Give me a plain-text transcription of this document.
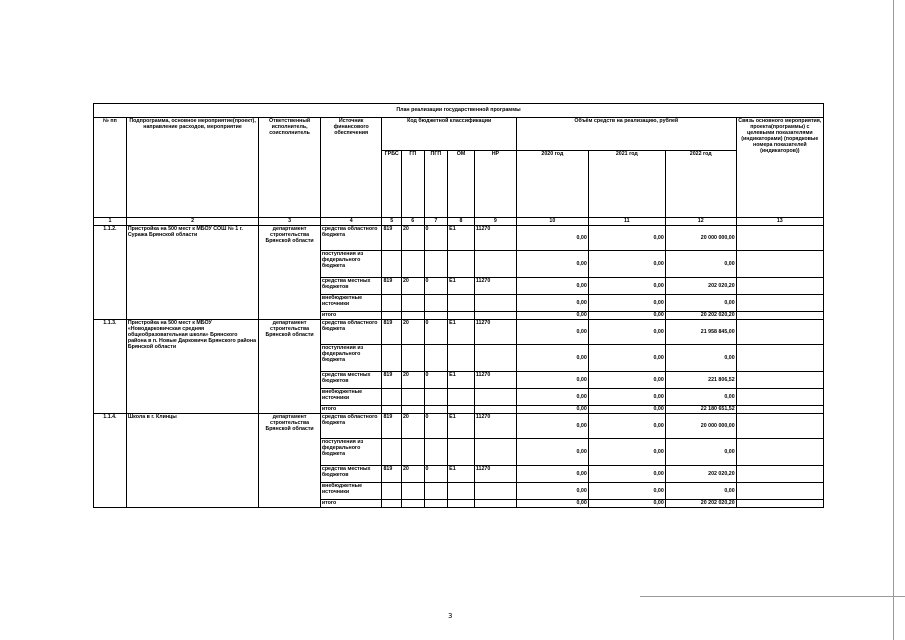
План реализации государственной программы												
№ пп	Подпрограмма, основное мероприятие(проект), направление расходов, мероприятие	Ответственный исполнитель, соисполнитель	Источник финансового обеспечения	Код бюджетной классификации					Объём средств на реализацию, рублей			Связь основного мероприятия, проекта(программы) с целевыми показателями (индикаторами) (порядковые номера показателей (индикаторов))
				ГРБС	ГП	ПГП	ОМ	НР	2020 год	2021 год	2022 год	
1	2	3	4	5	6	7	8	9	10	11	12	13
1.1.2.	Пристройка на 500 мест к МБОУ СОШ № 1 г. Суража Брянской области	департамент строительства Брянской области	средства областного бюджета	819	20	0	E1	11270	0,00	0,00	20 000 000,00	
			поступления из федерального бюджета						0,00	0,00	0,00	
			средства местных бюджетов	819	20	0	E1	11270	0,00	0,00	202 020,20	
			внебюджетные источники						0,00	0,00	0,00	
			итого						0,00	0,00	20 202 020,20	
1.1.3.	Пристройка на 500 мест к МБОУ «Новодарковичская средняя общеобразовательная школа» Брянского района в п. Новые Дарковичи Брянского района Брянской области	департамент строительства Брянской области	средства областного бюджета	819	20	0	E1	11270	0,00	0,00	21 958 845,00	
			поступления из федерального бюджета						0,00	0,00	0,00	
			средства местных бюджетов	819	20	0	E1	11270	0,00	0,00	221 806,52	
			внебюджетные источники						0,00	0,00	0,00	
			итого						0,00	0,00	22 180 651,52	
1.1.4.	Школа в г. Клинцы	департамент строительства Брянской области	средства областного бюджета	819	20	0	E1	11270	0,00	0,00	20 000 000,00	
			поступления из федерального бюджета						0,00	0,00	0,00	
			средства местных бюджетов	819	20	0	E1	11270	0,00	0,00	202 020,20	
			внебюджетные источники						0,00	0,00	0,00	
			итого						0,00	0,00	20 202 020,20	
3
